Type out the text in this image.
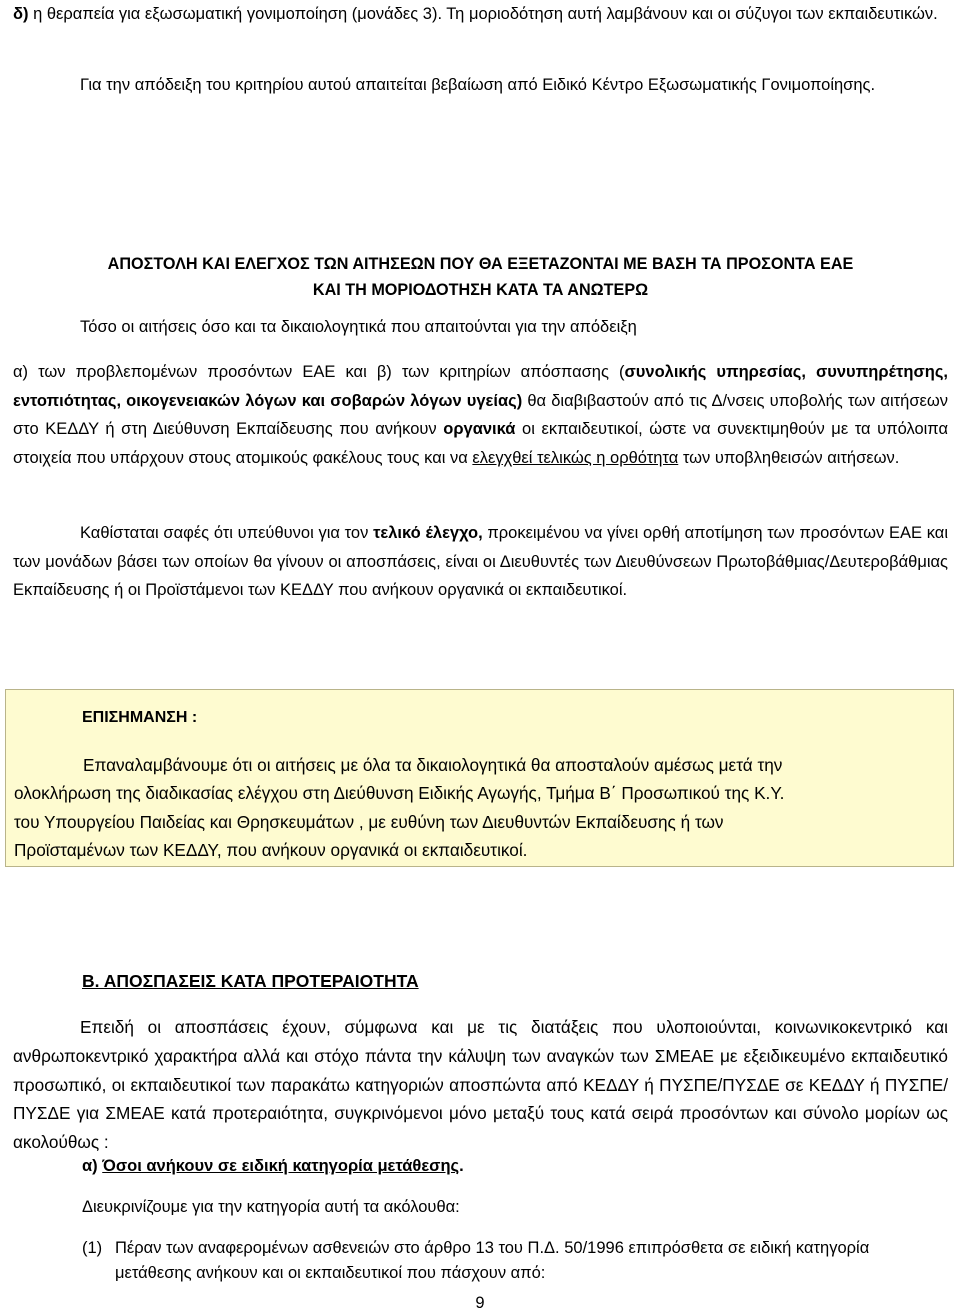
δ) η θεραπεία για εξωσωματική γονιμοποίηση (μονάδες 3). Τη μοριοδότηση αυτή λαμβάνουν και οι σύζυγοι των εκπαιδευτικών.

Για την απόδειξη του κριτηρίου αυτού απαιτείται βεβαίωση από Ειδικό Κέντρο Εξωσωματικής Γονιμοποίησης.

ΑΠΟΣΤΟΛΗ ΚΑΙ ΕΛΕΓΧΟΣ ΤΩΝ ΑΙΤΗΣΕΩΝ ΠΟΥ ΘΑ ΕΞΕΤΑΖΟΝΤΑΙ ΜΕ ΒΑΣΗ ΤΑ ΠΡΟΣΟΝΤΑ ΕΑΕ
ΚΑΙ ΤΗ ΜΟΡΙΟΔΟΤΗΣΗ ΚΑΤΑ ΤΑ ΑΝΩΤΕΡΩ

Τόσο οι αιτήσεις όσο και τα δικαιολογητικά που απαιτούνται για την απόδειξη

α) των προβλεπομένων προσόντων ΕΑΕ και β) των κριτηρίων απόσπασης (συνολικής υπηρεσίας, συνυπηρέτησης, εντοπιότητας, οικογενειακών λόγων και σοβαρών λόγων υγείας) θα διαβιβαστούν από τις Δ/νσεις υποβολής των αιτήσεων στο ΚΕΔΔΥ ή στη Διεύθυνση Εκπαίδευσης που ανήκουν οργανικά οι εκπαιδευτικοί, ώστε να συνεκτιμηθούν με τα υπόλοιπα στοιχεία που υπάρχουν στους ατομικούς φακέλους τους και να ελεγχθεί τελικώς η ορθότητα των υποβληθεισών αιτήσεων.

Καθίσταται σαφές ότι υπεύθυνοι για τον τελικό έλεγχο, προκειμένου να γίνει ορθή αποτίμηση των προσόντων ΕΑΕ και των μονάδων βάσει των οποίων θα γίνουν οι αποσπάσεις, είναι οι Διευθυντές των Διευθύνσεων Πρωτοβάθμιας/Δευτεροβάθμιας Εκπαίδευσης ή οι Προϊστάμενοι των ΚΕΔΔΥ που ανήκουν οργανικά οι εκπαιδευτικοί.

ΕΠΙΣΗΜΑΝΣΗ :

Επαναλαμβάνουμε ότι οι αιτήσεις με όλα τα δικαιολογητικά θα αποσταλούν αμέσως μετά την

ολοκλήρωση της διαδικασίας ελέγχου στη Διεύθυνση Ειδικής Αγωγής, Τμήμα Β΄ Προσωπικού της Κ.Υ.

του Υπουργείου Παιδείας και Θρησκευμάτων , με ευθύνη των Διευθυντών Εκπαίδευσης ή των

Προϊσταμένων των ΚΕΔΔΥ, που ανήκουν οργανικά οι εκπαιδευτικοί.

Β. ΑΠΟΣΠΑΣΕΙΣ ΚΑΤΑ ΠΡΟΤΕΡΑΙΟΤΗΤΑ

Επειδή οι αποσπάσεις έχουν, σύμφωνα και με τις διατάξεις που υλοποιούνται, κοινωνικοκεντρικό και ανθρωποκεντρικό χαρακτήρα αλλά και στόχο πάντα την κάλυψη των αναγκών των ΣΜΕΑΕ με εξειδικευμένο εκπαιδευτικό προσωπικό, οι εκπαιδευτικοί των παρακάτω κατηγοριών αποσπώντα από ΚΕΔΔΥ ή ΠΥΣΠΕ/ΠΥΣΔΕ σε ΚΕΔΔΥ ή ΠΥΣΠΕ/ΠΥΣΔΕ για ΣΜΕΑΕ κατά προτεραιότητα, συγκρινόμενοι μόνο μεταξύ τους κατά σειρά προσόντων και σύνολο μορίων ως ακολούθως :

α) Όσοι ανήκουν σε ειδική κατηγορία μετάθεσης.

Διευκρινίζουμε για την κατηγορία αυτή τα ακόλουθα:

(1) Πέραν των αναφερομένων ασθενειών στο άρθρο 13 του Π.Δ. 50/1996 επιπρόσθετα σε ειδική κατηγορία μετάθεσης ανήκουν και οι εκπαιδευτικοί που πάσχουν από:
9
